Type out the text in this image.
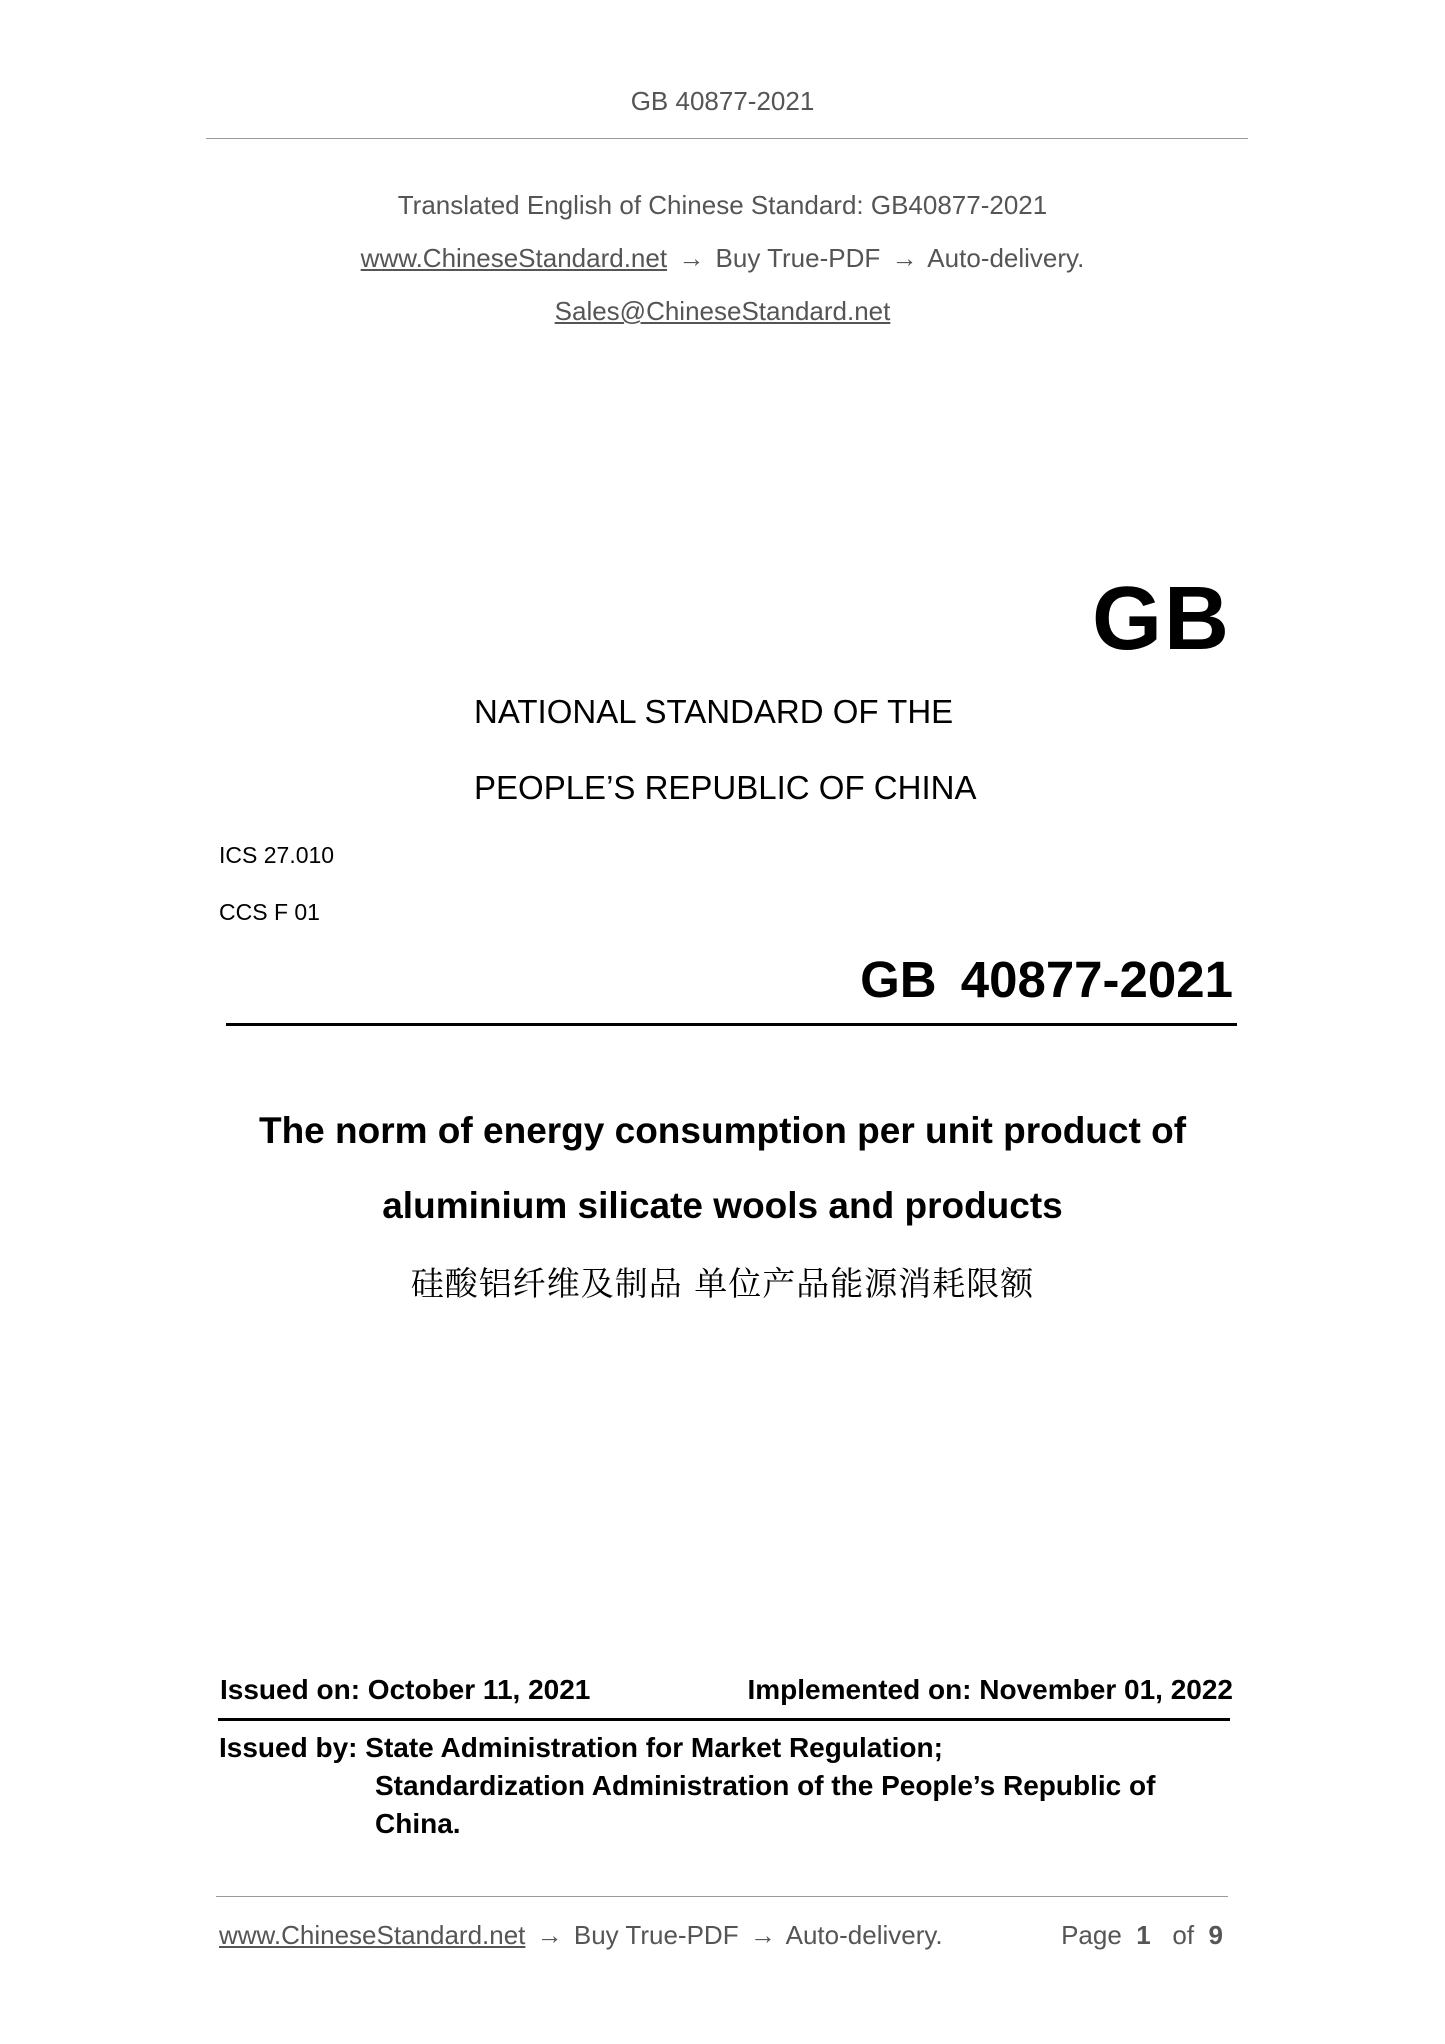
GB 40877-2021
Translated English of Chinese Standard: GB40877-2021
www.ChineseStandard.net → Buy True-PDF → Auto-delivery.
Sales@ChineseStandard.net
GB
NATIONAL STANDARD OF THE
PEOPLE’S REPUBLIC OF CHINA
ICS 27.010
CCS F 01
GB 40877-2021
The norm of energy consumption per unit product of
aluminium silicate wools and products
硅酸铝纤维及制品 单位产品能源消耗限额
Issued on: October 11, 2021	Implemented on: November 01, 2022
Issued by: State Administration for Market Regulation;
Standardization Administration of the People’s Republic of
China.
www.ChineseStandard.net → Buy True-PDF → Auto-delivery.	Page 1 of 9
